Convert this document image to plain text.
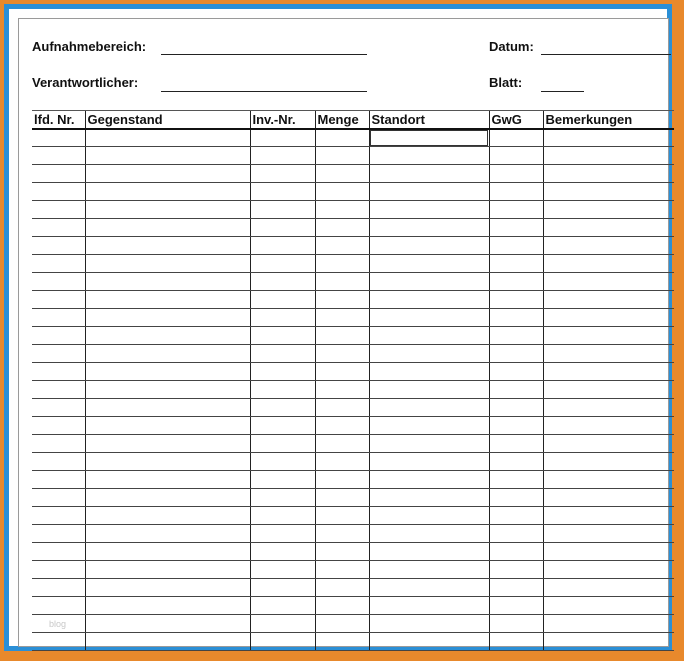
Aufnahmebereich:	Datum:
Verantwortlicher:	Blatt:
lfd. Nr.	Gegenstand	Inv.-Nr.	Menge	Standort	GwG	Bemerkungen

blog
